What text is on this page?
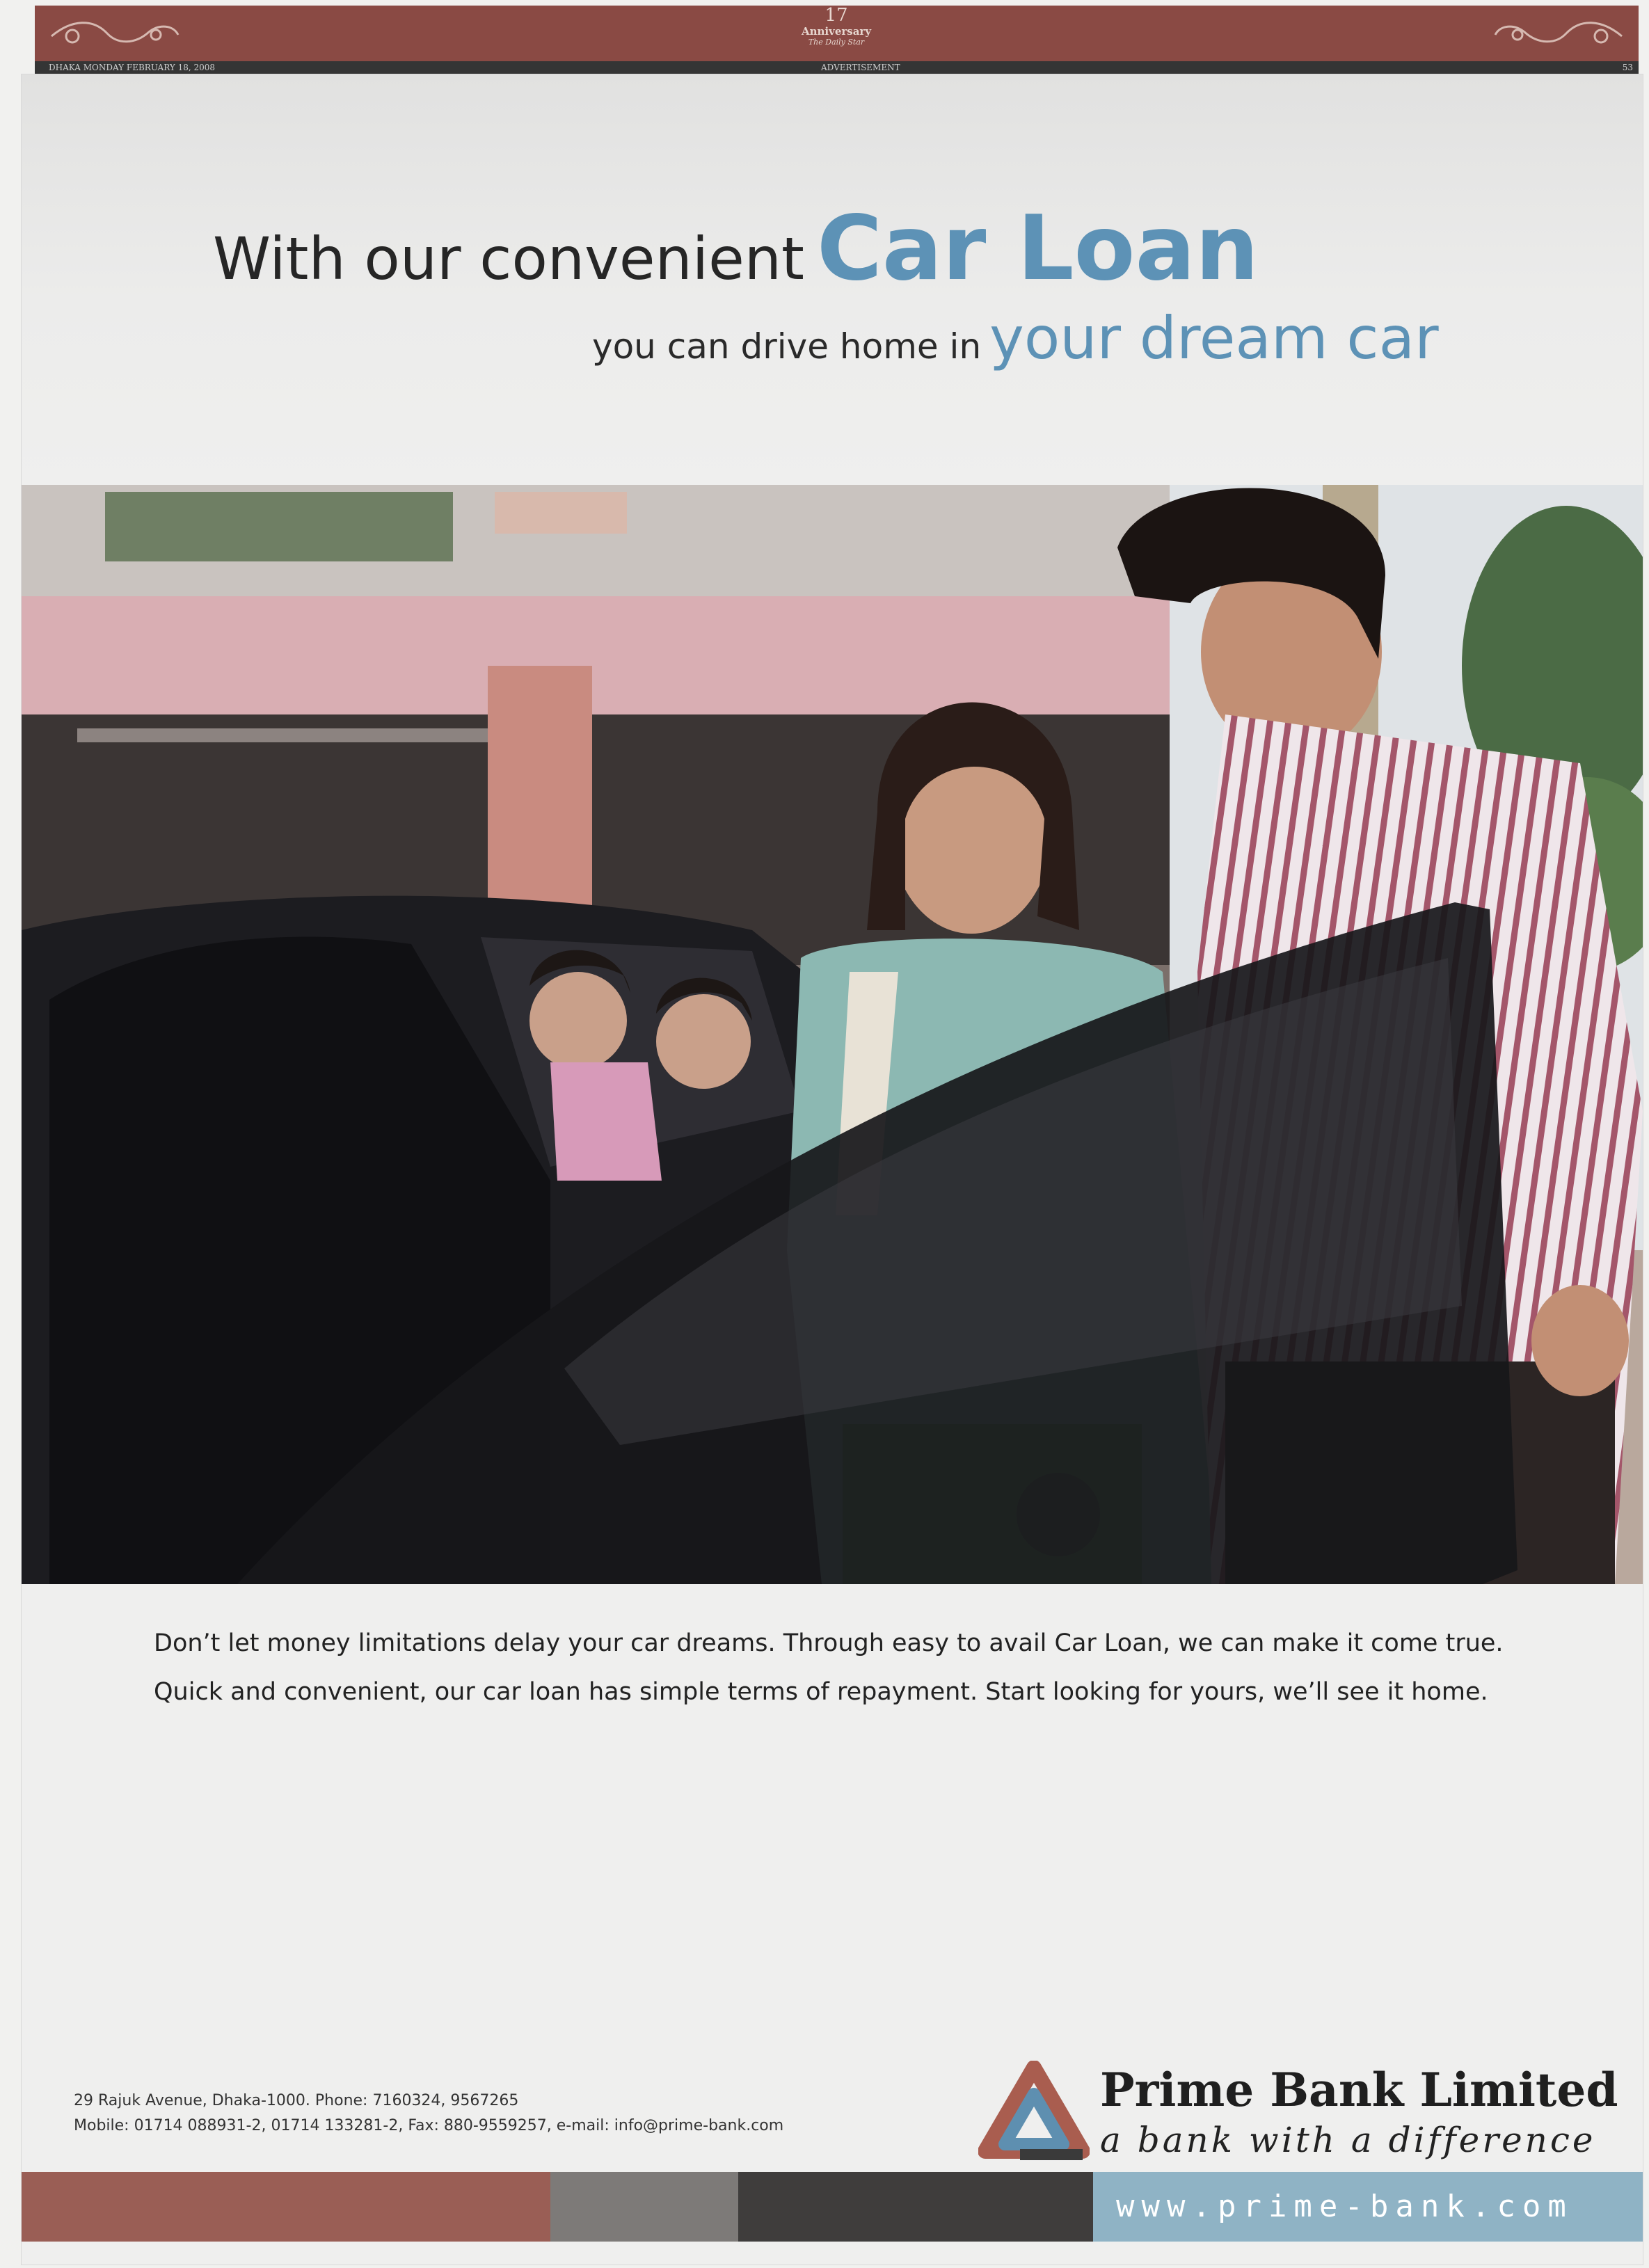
17
Anniversary
The Daily Star
DHAKA MONDAY FEBRUARY 18, 2008	ADVERTISEMENT	53
With our convenient Car Loan
you can drive home in your dream car

Don’t let money limitations delay your car dreams. Through easy to avail Car Loan, we can make it come true.

Quick and convenient, our car loan has simple terms of repayment. Start looking for yours, we’ll see it home.

29 Rajuk Avenue, Dhaka-1000. Phone: 7160324, 9567265
Mobile: 01714 088931-2, 01714 133281-2, Fax: 880-9559257, e-mail: info@prime-bank.com
Prime Bank Limited
a bank with a difference
www.prime-bank.com
